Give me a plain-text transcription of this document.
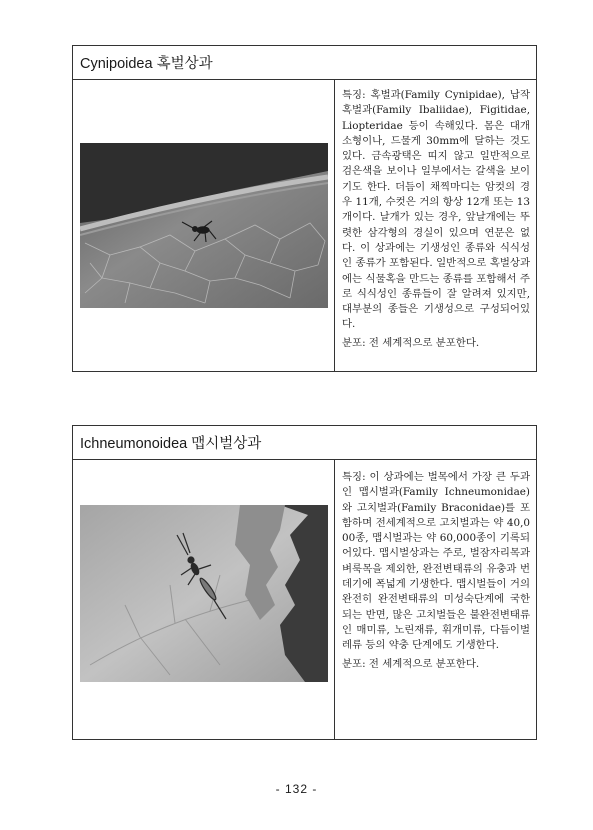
Cynipoidea 혹벌상과

특징: 혹벌과(Family Cynipidae), 납작혹벌과(Family Ibaliidae), Figitidae, Liopteridae 등이 속해있다. 몸은 대개 소형이나, 드물게 30mm에 달하는 것도 있다. 금속광택은 띠지 않고 일반적으로 검은색을 보이나 일부에서는 갈색을 보이기도 한다. 더듬이 채찍마디는 암컷의 경우 11개, 수컷은 거의 항상 12개 또는 13개이다. 날개가 있는 경우, 앞날개에는 뚜렷한 삼각형의 경실이 있으며 연문은 없다. 이 상과에는 기생성인 종류와 식식성인 종류가 포함된다. 일반적으로 혹벌상과에는 식물혹을 만드는 종류를 포함해서 주로 식식성인 종류들이 잘 알려져 있지만, 대부분의 종들은 기생성으로 구성되어있다.

분포: 전 세계적으로 분포한다.

Ichneumonoidea 맵시벌상과

특징: 이 상과에는 벌목에서 가장 큰 두과인 맵시벌과(Family Ichneumonidae)와 고치벌과(Family Braconidae)를 포함하며 전세계적으로 고치벌과는 약 40,000종, 맵시벌과는 약 60,000종이 기록되어있다. 맵시벌상과는 주로, 벌잠자리목과 벼룩목을 제외한, 완전변태류의 유충과 번데기에 폭넓게 기생한다. 맵시벌들이 거의 완전히 완전변태류의 미성숙단계에 국한되는 반면, 많은 고치벌들은 불완전변태류인 매미류, 노린재류, 휘개미류, 다듬이벌레류 등의 약충 단계에도 기생한다.

분포: 전 세계적으로 분포한다.

- 132 -
